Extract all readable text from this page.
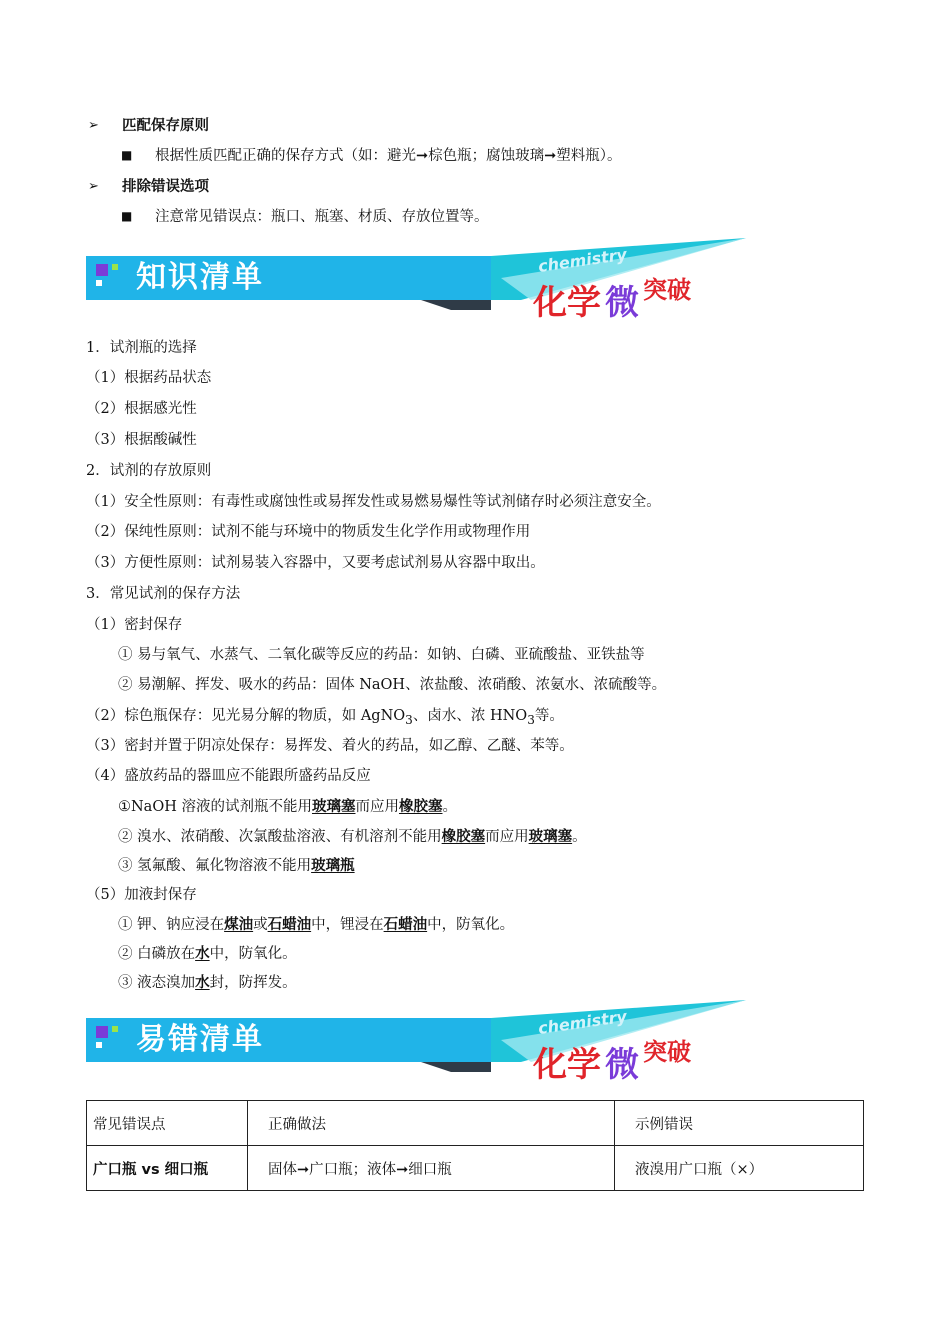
➢ 匹配保存原则
■ 根据性质匹配正确的保存方式（如：避光➞棕色瓶；腐蚀玻璃➞塑料瓶）。
➢ 排除错误选项
■ 注意常见错误点：瓶口、瓶塞、材质、存放位置等。
知识清单	chemistry
化学 微 突破
1．试剂瓶的选择
（1）根据药品状态
（2）根据感光性
（3）根据酸碱性
2．试剂的存放原则
（1）安全性原则：有毒性或腐蚀性或易挥发性或易燃易爆性等试剂储存时必须注意安全。
（2）保纯性原则：试剂不能与环境中的物质发生化学作用或物理作用
（3）方便性原则：试剂易装入容器中，又要考虑试剂易从容器中取出。
3．常见试剂的保存方法
（1）密封保存
① 易与氧气、水蒸气、二氧化碳等反应的药品：如钠、白磷、亚硫酸盐、亚铁盐等
② 易潮解、挥发、吸水的药品：固体 NaOH、浓盐酸、浓硝酸、浓氨水、浓硫酸等。
（2）棕色瓶保存：见光易分解的物质，如 AgNO$_3$、卤水、浓 $HNO_3$等。
（3）密封并置于阴凉处保存：易挥发、着火的药品，如乙醇、乙醚、苯等。
（4）盛放药品的器皿应不能跟所盛药品反应
①NaOH 溶液的试剂瓶不能用玻璃塞而应用橡胶塞。
② 溴水、浓硝酸、次氯酸盐溶液、有机溶剂不能用橡胶塞而应用玻璃塞。
③ 氢氟酸、氟化物溶液不能用玻璃瓶
（5）加液封保存
① 钾、钠应浸在煤油或石蜡油中，锂浸在石蜡油中，防氧化。
② 白磷放在水中，防氧化。
③ 液态溴加水封，防挥发。
易错清单	chemistry
化学 微 突破
常见错误点	正确做法	示例错误
广口瓶 vs 细口瓶	固体➞广口瓶；液体➞细口瓶	液溴用广口瓶（×）
